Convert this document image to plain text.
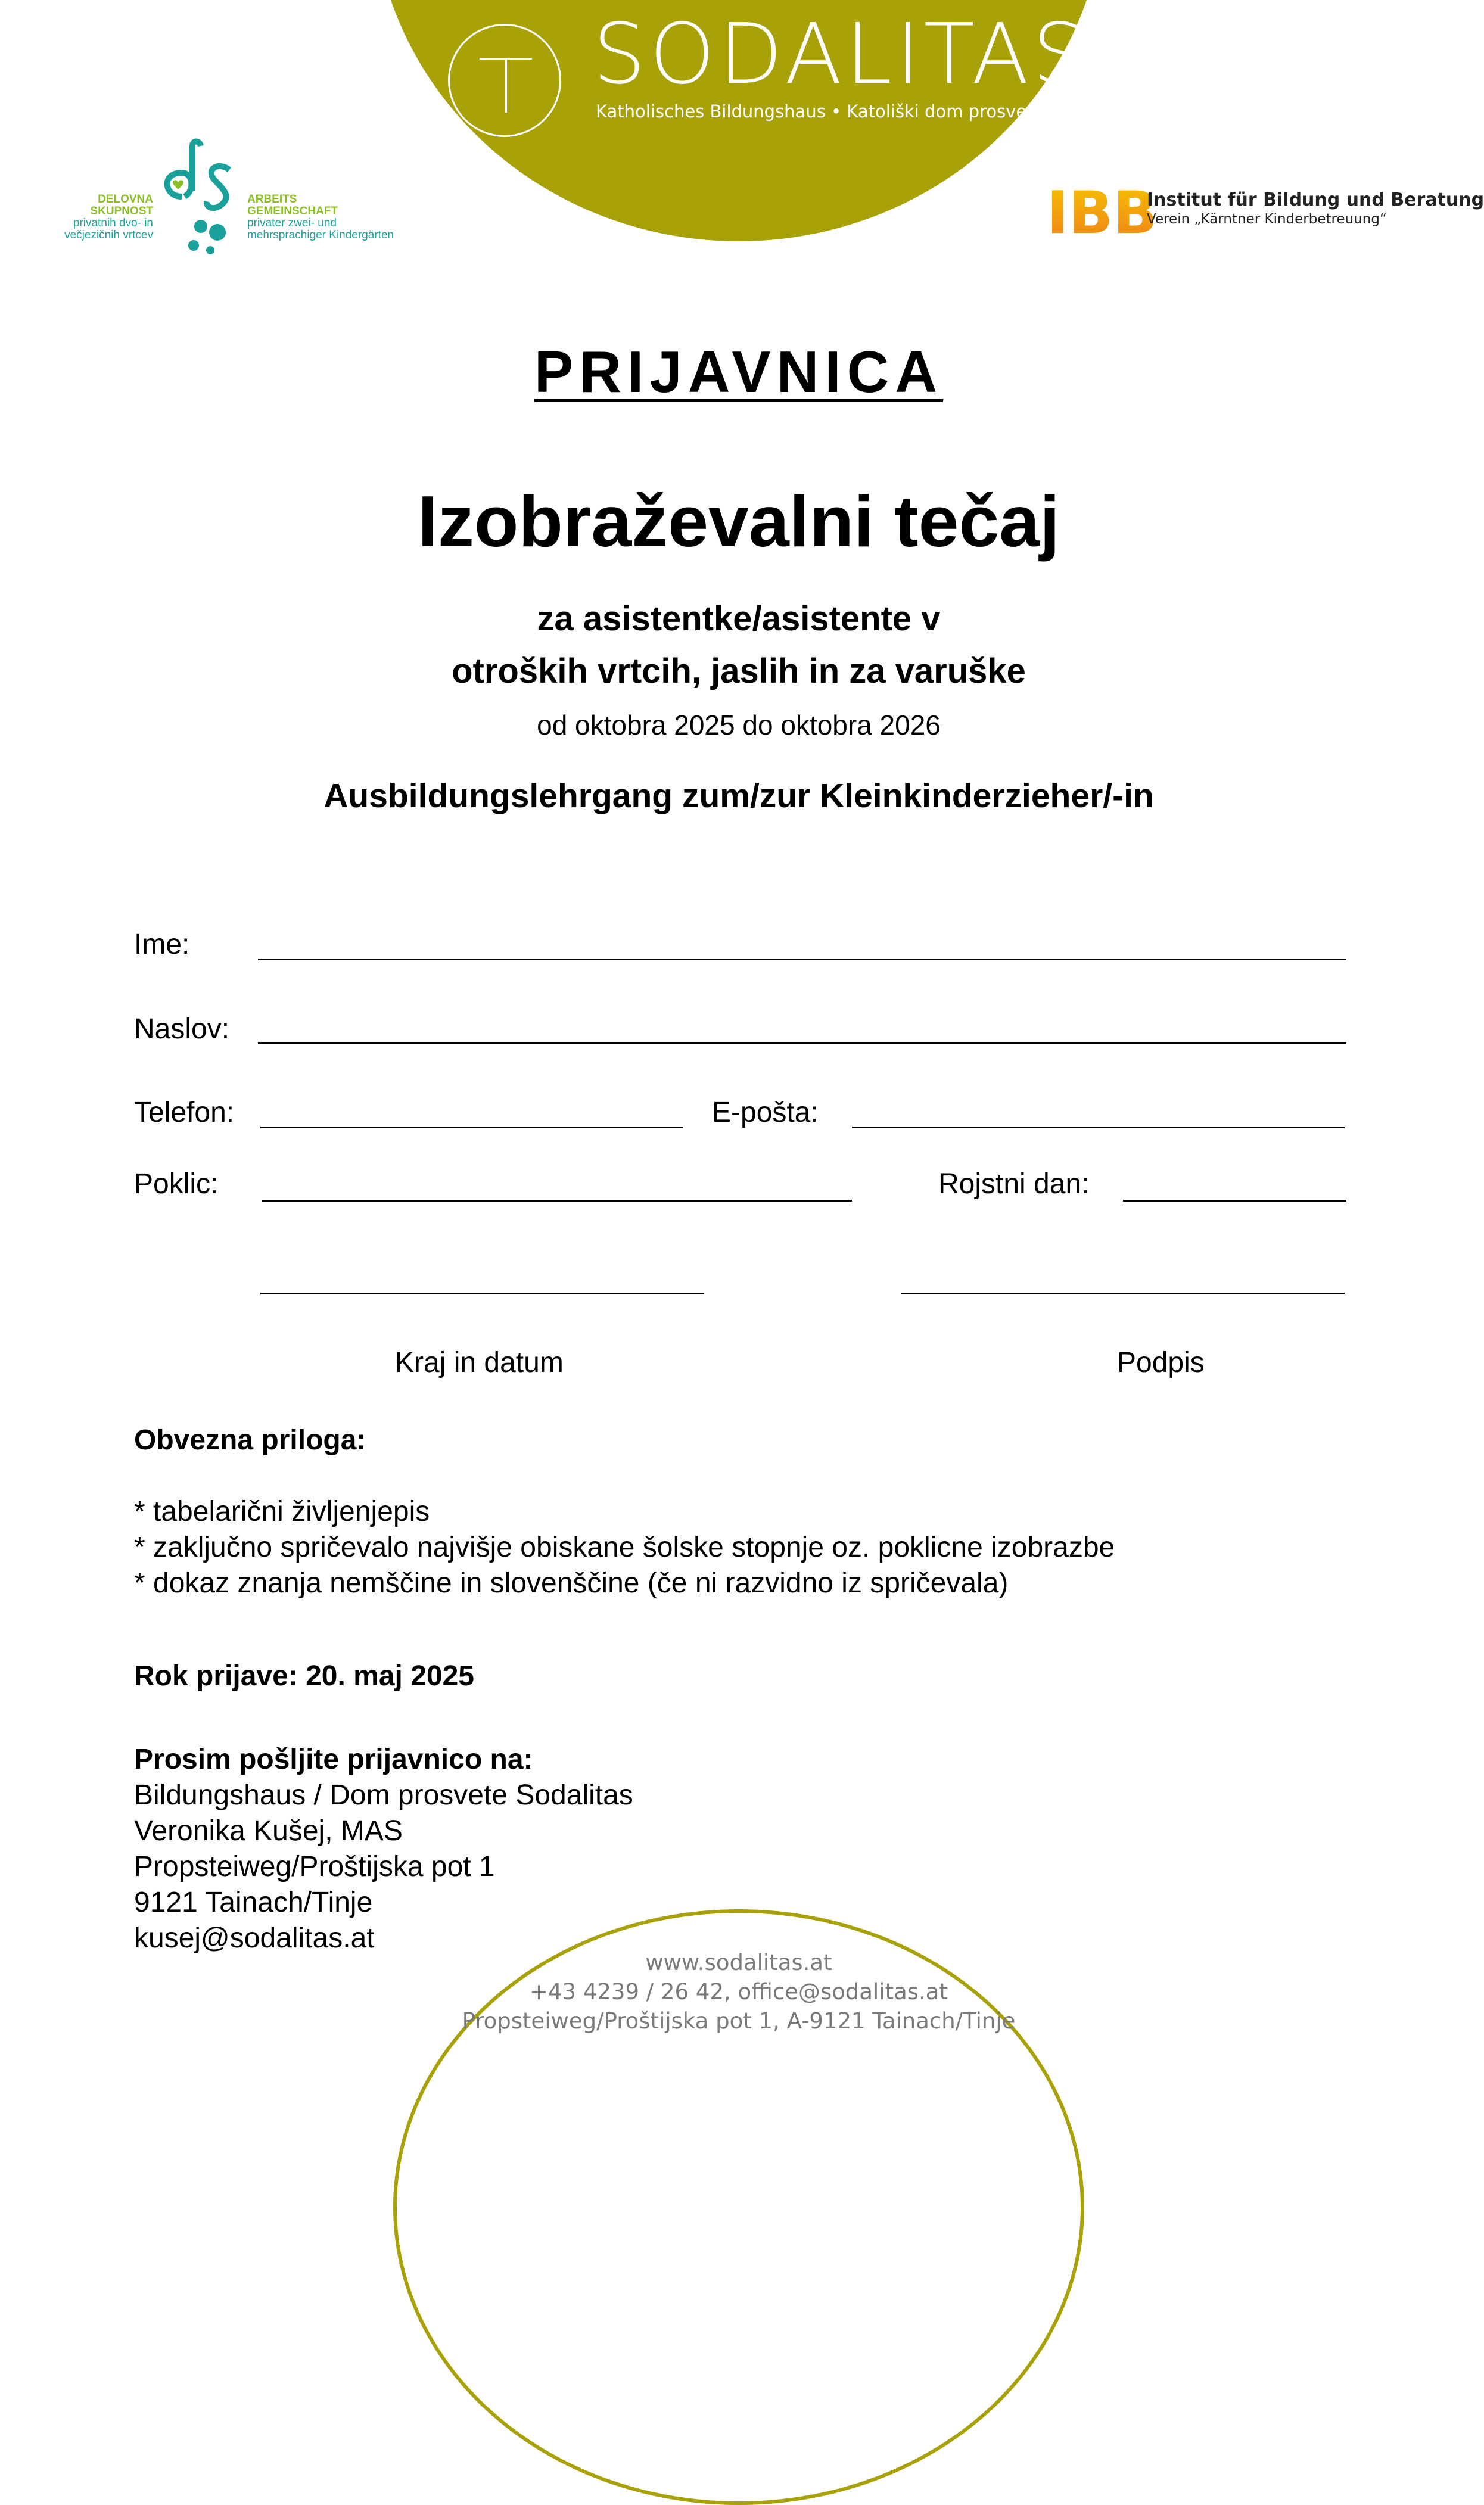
SODALITAS
Katholisches Bildungshaus • Katoliški dom prosvete
DELOVNA
SKUPNOST
privatnih dvo- in
večjezičnih vrtcev
ARBEITS
GEMEINSCHAFT
privater zwei- und
mehrsprachiger Kindergärten	IBB
Institut für Bildung und Beratung
Verein „Kärntner Kinderbetreuung“
PRIJAVNICA
Izobraževalni tečaj
za asistentke/asistente v
otroških vrtcih, jaslih in za varuške
od oktobra 2025 do oktobra 2026
Ausbildungslehrgang zum/zur Kleinkinderzieher/-in
Ime:
Naslov:
Telefon:	E-pošta:
Poklic:	Rojstni dan:
Kraj in datum	Podpis
Obvezna priloga:
* tabelarični življenjepis
* zaključno spričevalo najvišje obiskane šolske stopnje oz. poklicne izobrazbe
* dokaz znanja nemščine in slovenščine (če ni razvidno iz spričevala)
Rok prijave: 20. maj 2025
Prosim pošljite prijavnico na:
Bildungshaus / Dom prosvete Sodalitas
Veronika Kušej, MAS
Propsteiweg/Proštijska pot 1
9121 Tainach/Tinje
kusej@sodalitas.at
www.sodalitas.at
+43 4239 / 26 42, office@sodalitas.at
Propsteiweg/Proštijska pot 1, A-9121 Tainach/Tinje
